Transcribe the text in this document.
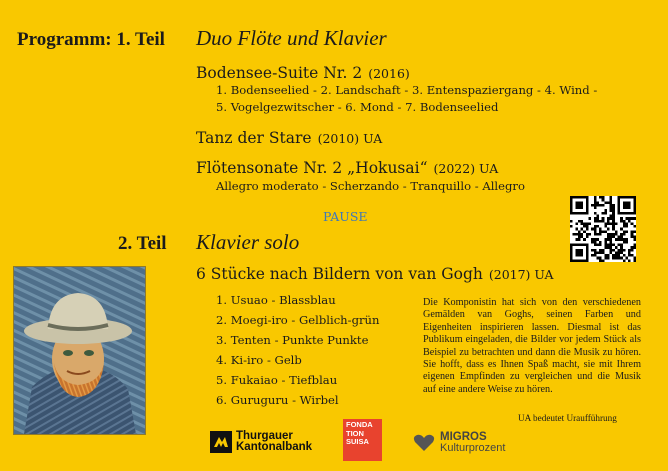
Programm: 1. Teil Duo Flöte und Klavier
Bodensee-Suite Nr. 2 (2016)
1. Bodenseelied - 2. Landschaft - 3. Entenspaziergang - 4. Wind -
5. Vogelgezwitscher - 6. Mond - 7. Bodenseelied
Tanz der Stare (2010) UA
Flötensonate Nr. 2 „Hokusai“ (2022) UA
Allegro moderato - Scherzando - Tranquillo - Allegro
PAUSE
2. Teil Klavier solo
6 Stücke nach Bildern von van Gogh (2017) UA
1. Usuao - Blassblau
2. Moegi-iro - Gelblich-grün
3. Tenten - Punkte Punkte
4. Ki-iro - Gelb
5. Fukaiao - Tiefblau
6. Guruguru - Wirbel
Die Komponistin hat sich von den verschiedenen Gemälden van Goghs, seinen Farben und Eigenheiten inspirieren lassen. Diesmal ist das Publikum eingeladen, die Bilder vor jedem Stück als Beispiel zu betrachten und dann die Musik zu hören. Sie hofft, dass es Ihnen Spaß macht, sie mit Ihrem eigenen Empfinden zu vergleichen und die Musik auf eine andere Weise zu hören.
UA bedeutet Uraufführung
Thurgauer
Kantonalbank
FONDA
TION
SUISA	MIGROS
Kulturprozent
